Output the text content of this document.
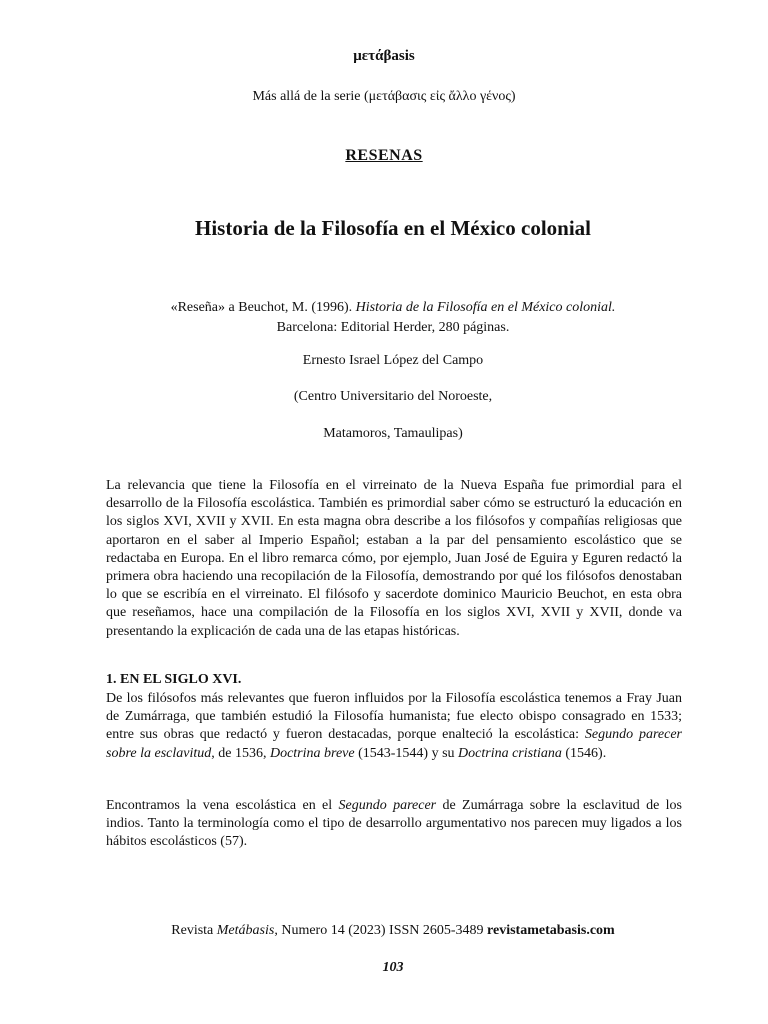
μετάβasis
Más allá de la serie (μετάβασις εἰς ἄλλο γένος)
RESENAS
Historia de la Filosofía en el México colonial
«Reseña» a Beuchot, M. (1996). Historia de la Filosofía en el México colonial.
Barcelona: Editorial Herder, 280 páginas.
Ernesto Israel López del Campo
(Centro Universitario del Noroeste,
Matamoros, Tamaulipas)

La relevancia que tiene la Filosofía en el virreinato de la Nueva España fue primordial para el desarrollo de la Filosofía escolástica. También es primordial saber cómo se estructuró la educación en los siglos XVI, XVII y XVII. En esta magna obra describe a los filósofos y compañías religiosas que aportaron en el saber al Imperio Español; estaban a la par del pensamiento escolástico que se redactaba en Europa. En el libro remarca cómo, por ejemplo, Juan José de Eguira y Eguren redactó la primera obra haciendo una recopilación de la Filosofía, demostrando por qué los filósofos denostaban lo que se escribía en el virreinato. El filósofo y sacerdote dominico Mauricio Beuchot, en esta obra que reseñamos, hace una compilación de la Filosofía en los siglos XVI, XVII y XVII, donde va presentando la explicación de cada una de las etapas históricas.

1. EN EL SIGLO XVI.

De los filósofos más relevantes que fueron influidos por la Filosofía escolástica tenemos a Fray Juan de Zumárraga, que también estudió la Filosofía humanista; fue electo obispo consagrado en 1533; entre sus obras que redactó y fueron destacadas, porque enalteció la escolástica: Segundo parecer sobre la esclavitud, de 1536, Doctrina breve (1543-1544) y su Doctrina cristiana (1546).

Encontramos la vena escolástica en el Segundo parecer de Zumárraga sobre la esclavitud de los indios. Tanto la terminología como el tipo de desarrollo argumentativo nos parecen muy ligados a los hábitos escolásticos (57).

Revista Metábasis, Numero 14 (2023) ISSN 2605-3489 revistametabasis.com
103
